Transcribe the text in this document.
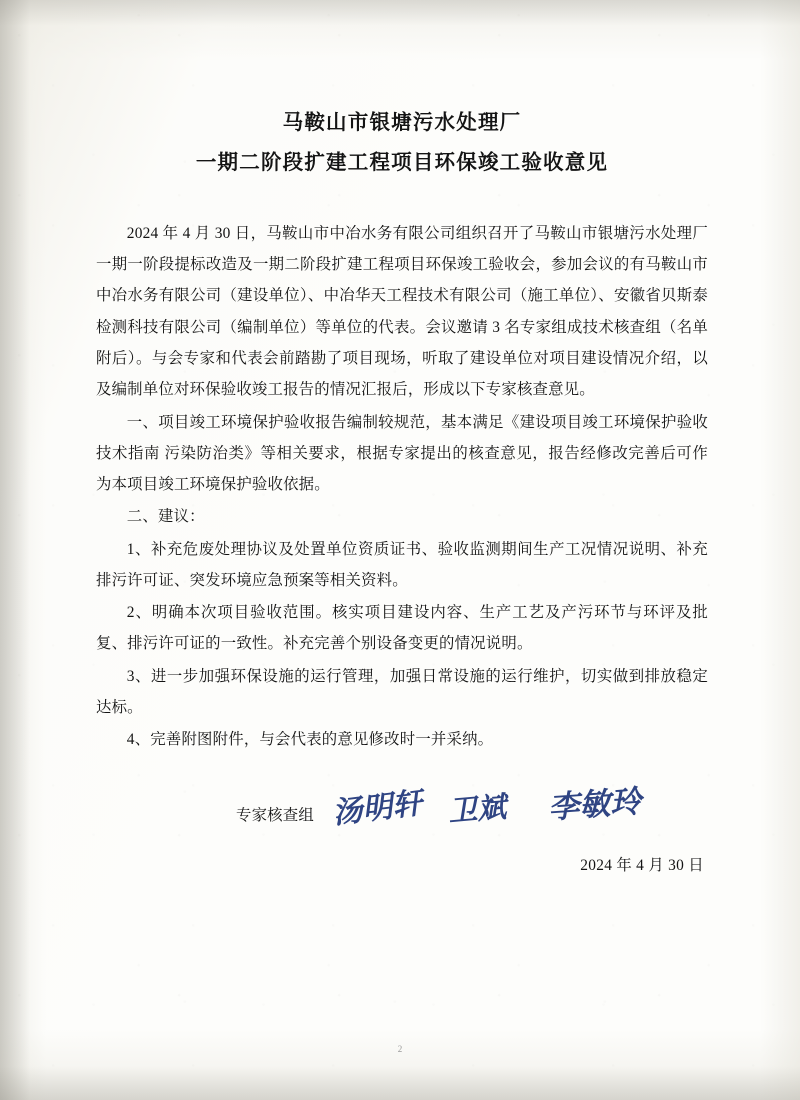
马鞍山市银塘污水处理厂
一期二阶段扩建工程项目环保竣工验收意见

2024 年 4 月 30 日，马鞍山市中冶水务有限公司组织召开了马鞍山市银塘污水处理厂一期一阶段提标改造及一期二阶段扩建工程项目环保竣工验收会，参加会议的有马鞍山市中冶水务有限公司（建设单位）、中冶华天工程技术有限公司（施工单位）、安徽省贝斯泰检测科技有限公司（编制单位）等单位的代表。会议邀请 3 名专家组成技术核查组（名单附后）。与会专家和代表会前踏勘了项目现场，听取了建设单位对项目建设情况介绍，以及编制单位对环保验收竣工报告的情况汇报后，形成以下专家核查意见。

一、项目竣工环境保护验收报告编制较规范，基本满足《建设项目竣工环境保护验收技术指南 污染防治类》等相关要求，根据专家提出的核查意见，报告经修改完善后可作为本项目竣工环境保护验收依据。

二、建议：

1、补充危废处理协议及处置单位资质证书、验收监测期间生产工况情况说明、补充排污许可证、突发环境应急预案等相关资料。

2、明确本次项目验收范围。核实项目建设内容、生产工艺及产污环节与环评及批复、排污许可证的一致性。补充完善个别设备变更的情况说明。

3、进一步加强环保设施的运行管理，加强日常设施的运行维护，切实做到排放稳定达标。

4、完善附图附件，与会代表的意见修改时一并采纳。

专家核查组 汤明轩 卫斌 李敏玲
2024 年 4 月 30 日
2
